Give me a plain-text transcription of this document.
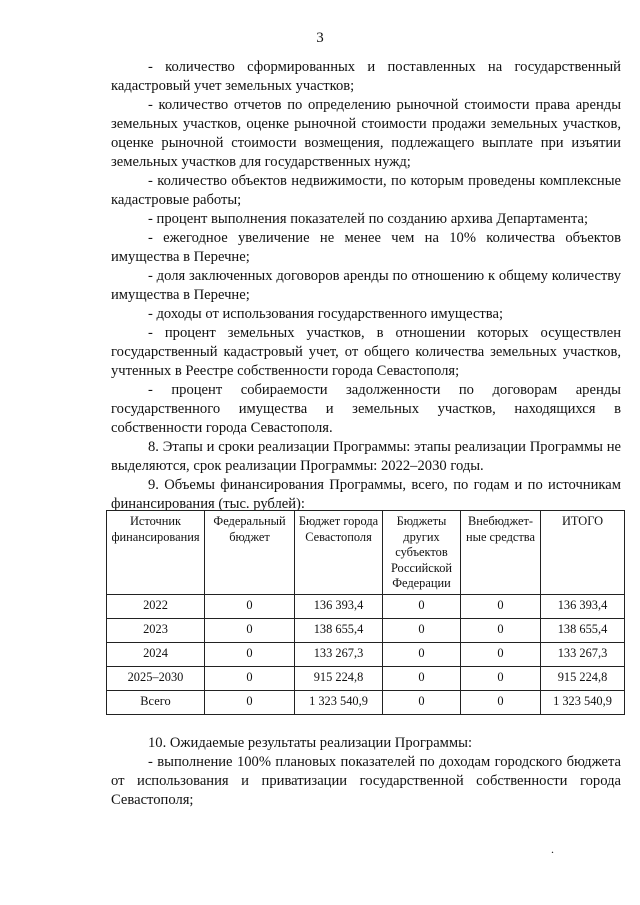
3

- количество сформированных и поставленных на государственный кадастровый учет земельных участков;

- количество отчетов по определению рыночной стоимости права аренды земельных участков, оценке рыночной стоимости продажи земельных участков, оценке рыночной стоимости возмещения, подлежащего выплате при изъятии земельных участков для государственных нужд;

- количество объектов недвижимости, по которым проведены комплексные кадастровые работы;

- процент выполнения показателей по созданию архива Департамента;

- ежегодное увеличение не менее чем на 10% количества объектов имущества в Перечне;

- доля заключенных договоров аренды по отношению к общему количеству имущества в Перечне;

- доходы от использования государственного имущества;

- процент земельных участков, в отношении которых осуществлен государственный кадастровый учет, от общего количества земельных участков, учтенных в Реестре собственности города Севастополя;

- процент собираемости задолженности по договорам аренды государственного имущества и земельных участков, находящихся в собственности города Севастополя.

8. Этапы и сроки реализации Программы: этапы реализации Программы не выделяются, срок реализации Программы: 2022–2030 годы.

9. Объемы финансирования Программы, всего, по годам и по источникам финансирования (тыс. рублей):

Источник финансирования	Федеральный бюджет	Бюджет города Севастополя	Бюджеты других субъектов Российской Федерации	Внебюджет-ные средства	ИТОГО
2022	0	136 393,4	0	0	136 393,4
2023	0	138 655,4	0	0	138 655,4
2024	0	133 267,3	0	0	133 267,3
2025–2030	0	915 224,8	0	0	915 224,8
Всего	0	1 323 540,9	0	0	1 323 540,9

10. Ожидаемые результаты реализации Программы:

- выполнение 100% плановых показателей по доходам городского бюджета от использования и приватизации государственной собственности города Севастополя;

.
